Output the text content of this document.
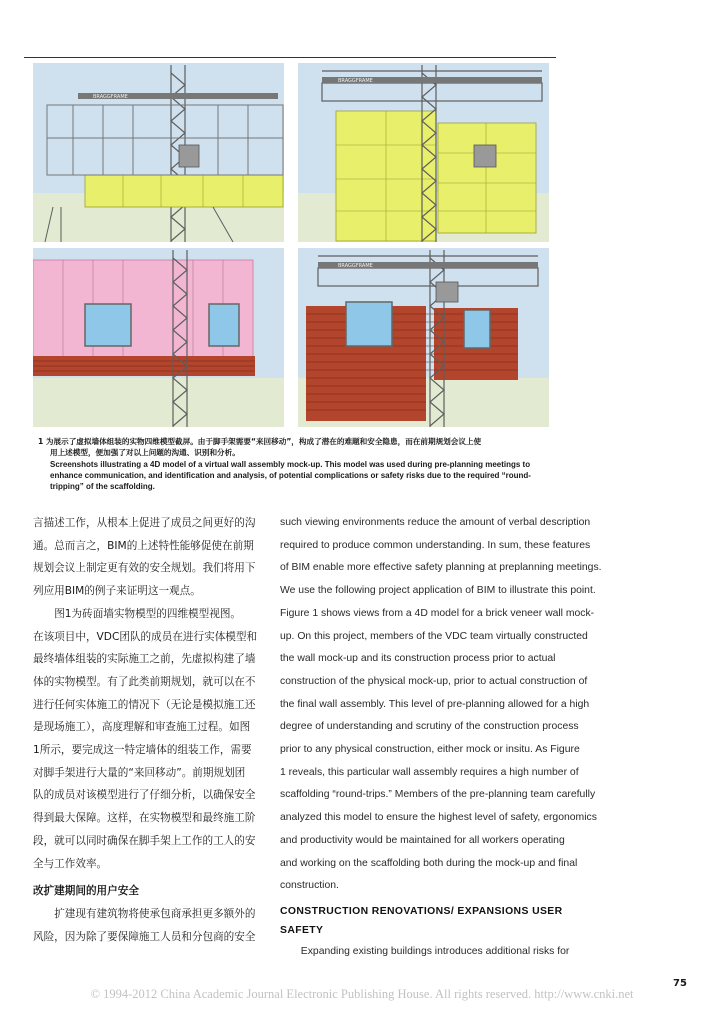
BRAGGFRAME
BRAGGFRAME
BRAGGFRAME
1 为展示了虚拟墙体组装的实物四维模型截屏。由于脚手架需要“来回移动”，构成了潜在的难题和安全隐患，而在前期规划会议上使
用上述模型，便加强了对以上问题的沟通、识别和分析。
Screenshots illustrating a 4D model of a virtual wall assembly mock-up. This model was used during pre-planning meetings to
enhance communication, and identification and analysis, of potential complications or safety risks due to the required “round-
tripping” of the scaffolding.

言描述工作，从根本上促进了成员之间更好的沟

通。总而言之，BIM的上述特性能够促使在前期

规划会议上制定更有效的安全规划。我们将用下

列应用BIM的例子来证明这一观点。

图1为砖面墙实物模型的四维模型视图。

在该项目中，VDC团队的成员在进行实体模型和

最终墙体组装的实际施工之前，先虚拟构建了墙

体的实物模型。有了此类前期规划，就可以在不

进行任何实体施工的情况下（无论是模拟施工还

是现场施工），高度理解和审查施工过程。如图

1所示，要完成这一特定墙体的组装工作，需要

对脚手架进行大量的“来回移动”。前期规划团

队的成员对该模型进行了仔细分析，以确保安全

得到最大保障。这样，在实物模型和最终施工阶

段，就可以同时确保在脚手架上工作的工人的安

全与工作效率。

改扩建期间的用户安全

扩建现有建筑物将使承包商承担更多额外的

风险，因为除了要保障施工人员和分包商的安全

such viewing environments reduce the amount of verbal description

required to produce common understanding. In sum, these features

of BIM enable more effective safety planning at preplanning meetings.

We use the following project application of BIM to illustrate this point.

Figure 1 shows views from a 4D model for a brick veneer wall mock-

up. On this project, members of the VDC team virtually constructed

the wall mock-up and its construction process prior to actual

construction of the physical mock-up, prior to actual construction of

the final wall assembly. This level of pre-planning allowed for a high

degree of understanding and scrutiny of the construction process

prior to any physical construction, either mock or insitu. As Figure

1 reveals, this particular wall assembly requires a high number of

scaffolding “round-trips.” Members of the pre-planning team carefully

analyzed this model to ensure the highest level of safety, ergonomics

and productivity would be maintained for all workers operating

and working on the scaffolding both during the mock-up and final

construction.

CONSTRUCTION RENOVATIONS/ EXPANSIONS USER

SAFETY

Expanding existing buildings introduces additional risks for

75
© 1994-2012 China Academic Journal Electronic Publishing House. All rights reserved. http://www.cnki.net
